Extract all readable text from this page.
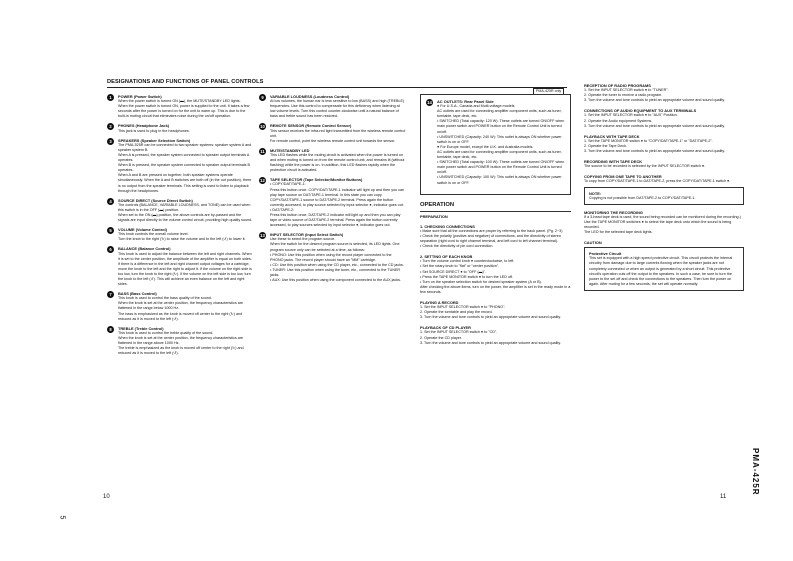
DESIGNATIONS AND FUNCTIONS OF PANEL CONTROLS
PMA-425R only
1	POWER (Power Switch)
When the power switch is turned ON (▬), the MUTE/STANDBY LED lights.
When the power switch is turned ON, power is supplied to the unit. It takes a few seconds after the power is turned on for the unit to warm up. This is due to the built-in muting circuit that eliminates noise during the on/off operation.
2	PHONES (Headphone Jack)
This jack is used to plug in the headphones.
3	SPEAKERS (Speaker Selection Switch)
The PMA-525R can be connected to two speaker systems: speaker system A and speaker system B.
When A is pressed, the speaker system connected to speaker output terminals A operates.
When B is pressed, the speaker system connected to speaker output terminals B operates.
When A and B are pressed on together, both speaker systems operate simultaneously. When the A and B switches are both off (in the out position), there is no output from the speaker terminals. This setting is used to listen to playback through the headphones.
4	SOURCE DIRECT (Source Direct Switch)
The controls (BALANCE, VARIABLE LOUDNESS, and TONE) can be used when this switch is in the OFF (▬) position.
When set to the ON (▬) position, the above controls are by-passed and the signals are input directly to the volume control circuit, providing high quality sound.
5	VOLUME (Volume Control)
This knob controls the overall volume level.
Turn the knob to the right (↻) to raise the volume and to the left (↺) to lower it.
6	BALANCE (Balance Control)
This knob is used to adjust the balance between the left and right channels. When it is set to the center position, the amplitude of the amplifier is equal on both sides. If there is a difference in the left and right channel output voltages for a cartridge, move the knob to the left and the right to adjust it. If the volume on the right side is too low, turn the knob to the right (↻). If the volume on the left side is too low, turn the knob to the left (↺). This will achieve an even balance on the left and right sides.
7	BASS (Bass Control)
This knob is used to control the bass quality of the sound.
When the knob is set at the center position, the frequency characteristics are flattened in the range below 1000 Hz.
The bass is emphasized as the knob is moved off center to the right (↻) and reduced as it is moved to the left (↺).
8	TREBLE (Treble Control)
This knob is used to control the treble quality of the sound.
When the knob is set at the center position, the frequency characteristics are flattened in the range above 1000 Hz.
The treble is emphasized as the knob is moved off center to the right (↻) and reduced as it is moved to the left (↺).
9	VARIABLE LOUDNESS (Loudness Control)
At low volumes, the human ear is less sensitive to low (BASS) and high (TREBLE) frequencies. Use this control to compensate for this deficiency when listening at low volume levels. Turn this control counter-clockwise until a natural balance of bass and treble sound has been restored.
10	REMOTE SENSOR (Remote Control Sensor)
This sensor receives the infra-red light transmitted from the wireless remote control unit.
For remote control, point the wireless remote control unit towards the sensor.
11	MUTE/STANDBY LED
This LED flashes while the muting circuit is activated when the power is turned on and when muting is turned on from the remote control unit, and remains lit (without flashing) while the power is on. In addition, this LED flashes rapidly when the protection circuit is activated.
12	TAPE SELECTOR (Tape Selector/Monitor Buttons)
• COPY/DAT/TAPE-1:
Press this button once. COPY/DAT/TAPE-1 indicator will light up and then you can play tape source on DAT/TAPE-1 terminal. In this state you can copy COPY/DAT/TAPE-1 source to DAT/TAPE-2 terminal. Press again the button currently accessed, to play source selected by input selector ●, indicator goes out.
• DAT/TAPE-2:
Press this button once, DAT/TAPE-2 indicator will light up and then you can play tape or video source of DAT/TAPE-2 terminal. Press again the button currently accessed, to play sources selected by input selector ●, indicator goes out.
13	INPUT SELECTOR (Input Select Switch)
Use these to select the program source.
When the switch for the desired program source is selected, its LED lights. One program source only can be selected at a time, as follows:
• PHONO: Use this position when using the record player connected to the PHONO jacks. The record player should have an "MM" cartridge.
• CD: Use this position when using the CD player, etc., connected to the CD jacks.
• TUNER: Use this position when using the tuner, etc., connected to the TUNER jacks.
• AUX: Use this position when using the component connected to the AUX jacks.
14	AC OUTLETS: Rear Panel Side
● For U.S.A., Canada and Multi-voltage models
AC outlets are used for connecting amplifier component units, such as tuner, turntable, tape deck, etc.
• SWITCHED (Total capacity: 120 W): These outlets are turned ON/OFF when main power switch and POWER button on the Remote Control Unit is turned on/off.
• UNSWITCHED (Capacity: 240 W): This outlet is always ON whether power switch is on or OFF.
● For Europe model, except the U.K. and Australia models.
AC outlets are used for connecting amplifier component units, such as tuner, turntable, tape deck, etc.
• SWITCHED (Total capacity: 100 W): These outlets are turned ON/OFF when main power switch and POWER button on the Remote Control Unit is turned on/off.
• UNSWITCHED (Capacity: 100 W): This outlet is always ON whether power switch is on or OFF.
OPERATION
PREPARATION
1. CHECKING CONNECTIONS
• Make sure that all the connections are proper by referring to the back panel. (Pg. 2~3)
• Check the polarity (positive and negative) of connections, and the directivity of stereo separation (right cord to right channel terminal, and left cord to left channel terminal).
• Check the directivity of pin cord connection.
2. SETTING OF EACH KNOB
• Turn the volume control knob ● counterclockwise, to left.
• Set the rotary knob to "flat" or "center position".
• Set SOURCE DIRECT ● to "OFF (▬)".
• Press the TAPE MONITOR switch ● to turn the LED off.
• Turn on the speaker selection switch for desired speaker system (A or B).
After checking the above items, turn on the power, the amplifier is set in the ready mode in a few seconds.
PLAYING A RECORD
1. Set the INPUT SELECTOR switch ● to "PHONO".
2. Operate the turntable and play the record.
3. Turn the volume and tone controls to yield an appropriate volume and sound quality.
PLAYBACK OF CD PLAYER
1. Set the INPUT SELECTOR switch ● to "CD".
2. Operate the CD player.
3. Turn the volume and tone controls to yield an appropriate volume and sound quality.
RECEPTION OF RADIO PROGRAMS
1. Set the INPUT SELECTOR switch ● to "TUNER".
2. Operate the tuner to receive a radio program.
3. Turn the volume and tone controls to yield an appropriate volume and sound quality.
CONNECTIONS OF AUDIO EQUIPMENT TO AUX TERMINALS
1. Set the INPUT SELECTOR switch ● to "AUX" Position.
2. Operate the Audio equipment Systems.
3. Turn the volume and tone controls to yield an appropriate volume and sound quality.
PLAYBACK WITH TAPE DECK
1. Set the TAPE MONITOR switch ● to "COPY/DAT/TAPE-1" or "DAT/TAPE-2".
2. Operate the Tape Deck.
3. Turn the volume and tone controls to yield an appropriate volume and sound quality.
RECORDING WITH TAPE DECK
The source to be recorded is selected by the INPUT SELECTOR switch ●.
COPYING FROM ONE TAPE TO ANOTHER
To copy from COPY/DAT/TAPE-1 to DAT/TAPE-2, press the COPY/DAT/TAPE-1 switch ●.
NOTE:
Copying is not possible from DAT/TAPE-2 to COPY/DAT/TAPE-1.
MONITORING THE RECORDING
If a 3-head tape deck is used, the sound being recorded can be monitored during the recording.)
Use the TAPE MONITOR switches ● to select the tape deck onto which the sound is being recorded.
The LED for the selected tape deck lights.
CAUTION
Protective Circuit
This set is equipped with a high speed protective circuit. This circuit protects the internal circuitry from damage due to large currents flowing when the speaker jacks are not completely connected or when an output is generated by a short circuit. This protective circuit's operation cuts off the output to the speakers. In such a case, be sure to turn the power to the set off and check the connections to the speakers. Then turn the power on again. After muting for a few seconds, the set will operate normally.
10	11
PMA-425R
5
